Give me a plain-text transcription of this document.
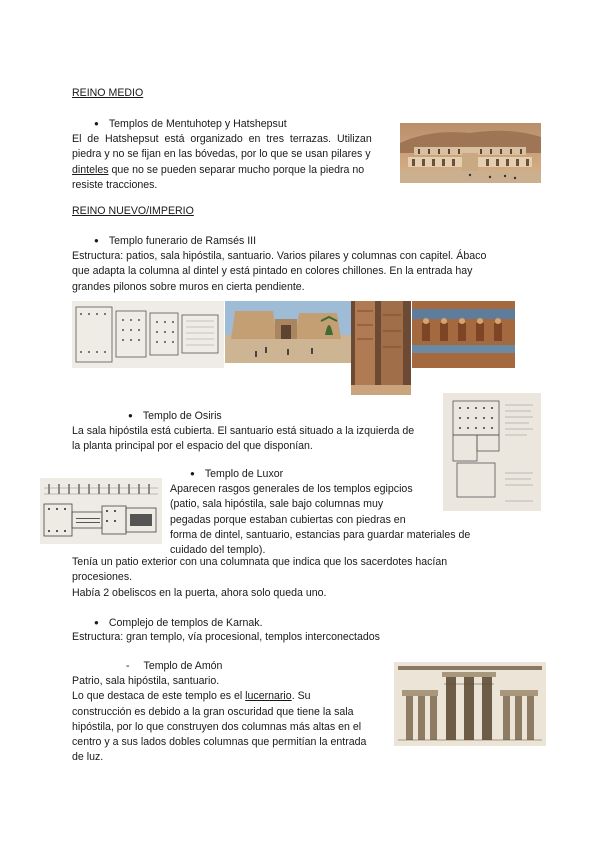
REINO MEDIO
● Templos de Mentuhotep y Hatshepsut
El  de  Hatshepsut  está  organizado  en  tres  terrazas.  Utilizan
piedra y no se fijan en las bóvedas, por lo que se usan pilares y
dinteles que no se pueden separar mucho porque la piedra no
resiste tracciones.
REINO NUEVO/IMPERIO
● Templo funerario de Ramsés III
Estructura: patios, sala hipóstila, santuario. Varios pilares y columnas con capitel. Ábaco
que adapta la columna al dintel y está pintado en colores chillones. En la entrada hay
grandes pilonos sobre muros en cierta pendiente.
● Templo de Osiris
La sala hipóstila está cubierta. El santuario está situado a la izquierda de
la planta principal por el espacio del que disponían.
● Templo de Luxor
Aparecen rasgos generales de los templos egipcios
(patio, sala hipóstila, sale bajo columnas muy
pegadas porque estaban cubiertas con piedras en
forma de dintel, santuario, estancias para guardar materiales de
cuidado del templo).
Tenía un patio exterior con una columnata que indica que los sacerdotes hacían
procesiones.
Había 2 obeliscos en la puerta, ahora solo queda uno.
● Complejo de templos de Karnak.
Estructura: gran templo, vía procesional, templos interconectados
- Templo de Amón
Patrio, sala hipóstila, santuario.
Lo que destaca de este templo es el lucernario. Su
construcción es debido a la gran oscuridad que tiene la sala
hipóstila, por lo que construyen dos columnas más altas en el
centro y a sus lados dobles columnas que permitían la entrada
de luz.
